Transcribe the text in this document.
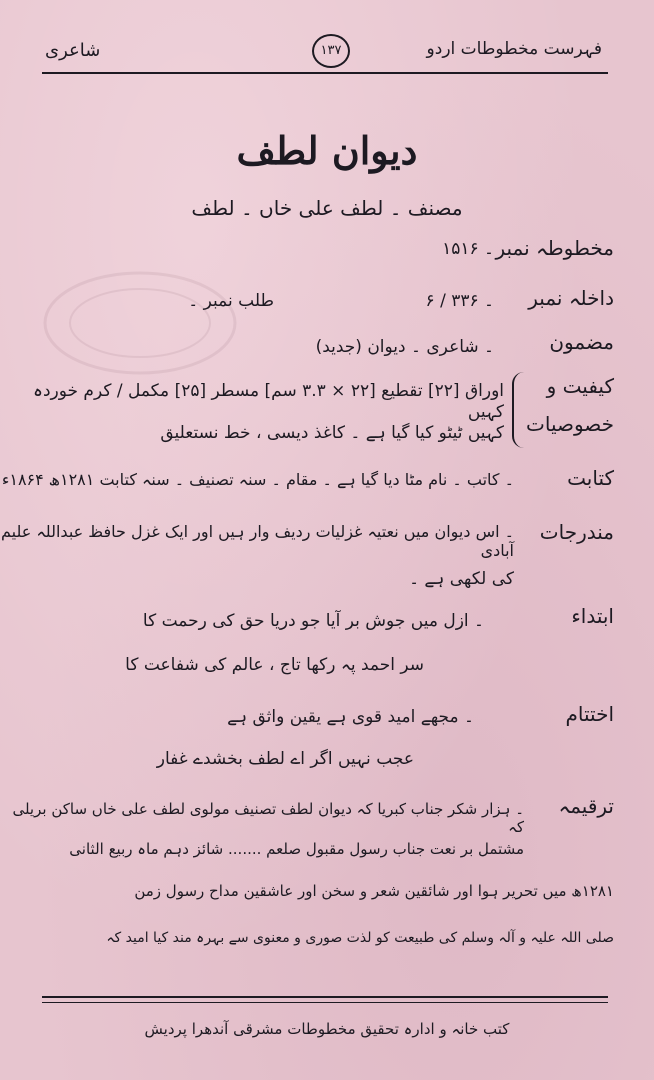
فہرست مخطوطات اردو
۱۳۷
شاعری
دیوان لطف
مصنف ۔ لطف علی خاں ۔ لطف
مخطوطہ نمبر
۔ ۱۵۱۶
داخلہ نمبر
۔ ۳۳۶ / ۶
طلب نمبر ۔
مضمون
۔ شاعری ۔ دیوان (جدید)
کیفیت و
خصوصیات
اوراق [۲۲] تقطیع [۲۲ × ۳.۳ سم] مسطر [۲۵] مکمل / کرم خوردہ کہیں
کہیں ٹیٹو کیا گیا ہے ۔ کاغذ دیسی ، خط نستعلیق
کتابت
۔ کاتب ۔ نام مٹا دیا گیا ہے ۔ مقام ۔ سنہ تصنیف ۔ سنہ کتابت ۱۲۸۱ھ ۱۸۶۴ء
مندرجات
۔ اس دیوان میں نعتیہ غزلیات ردیف وار ہیں اور ایک غزل حافظ عبداللہ علیم آبادی
کی لکھی ہے ۔
ابتداء
۔ ازل میں جوش بر آیا جو دریا حق کی رحمت کا
سر احمد پہ رکھا تاج ، عالم کی شفاعت کا
اختتام
۔ مجھے امید قوی ہے یقین واثق ہے
عجب نہیں اگر اے لطف بخشدے غفار
ترقیمہ
۔ ہزار شکر جناب کبریا کہ دیوان لطف تصنیف مولوی لطف علی خاں ساکن بریلی کہ
مشتمل بر نعت جناب رسول مقبول صلعم ....... شائز دہم ماہ ربیع الثانی
۱۲۸۱ھ میں تحریر ہوا اور شائقین شعر و سخن اور عاشقین مداح رسول زمن
صلی اللہ علیہ و آلہ وسلم کی طبیعت کو لذت صوری و معنوی سے بہرہ مند کیا امید کہ
کتب خانہ و ادارہ تحقیق مخطوطات مشرقی آندھرا پردیش
